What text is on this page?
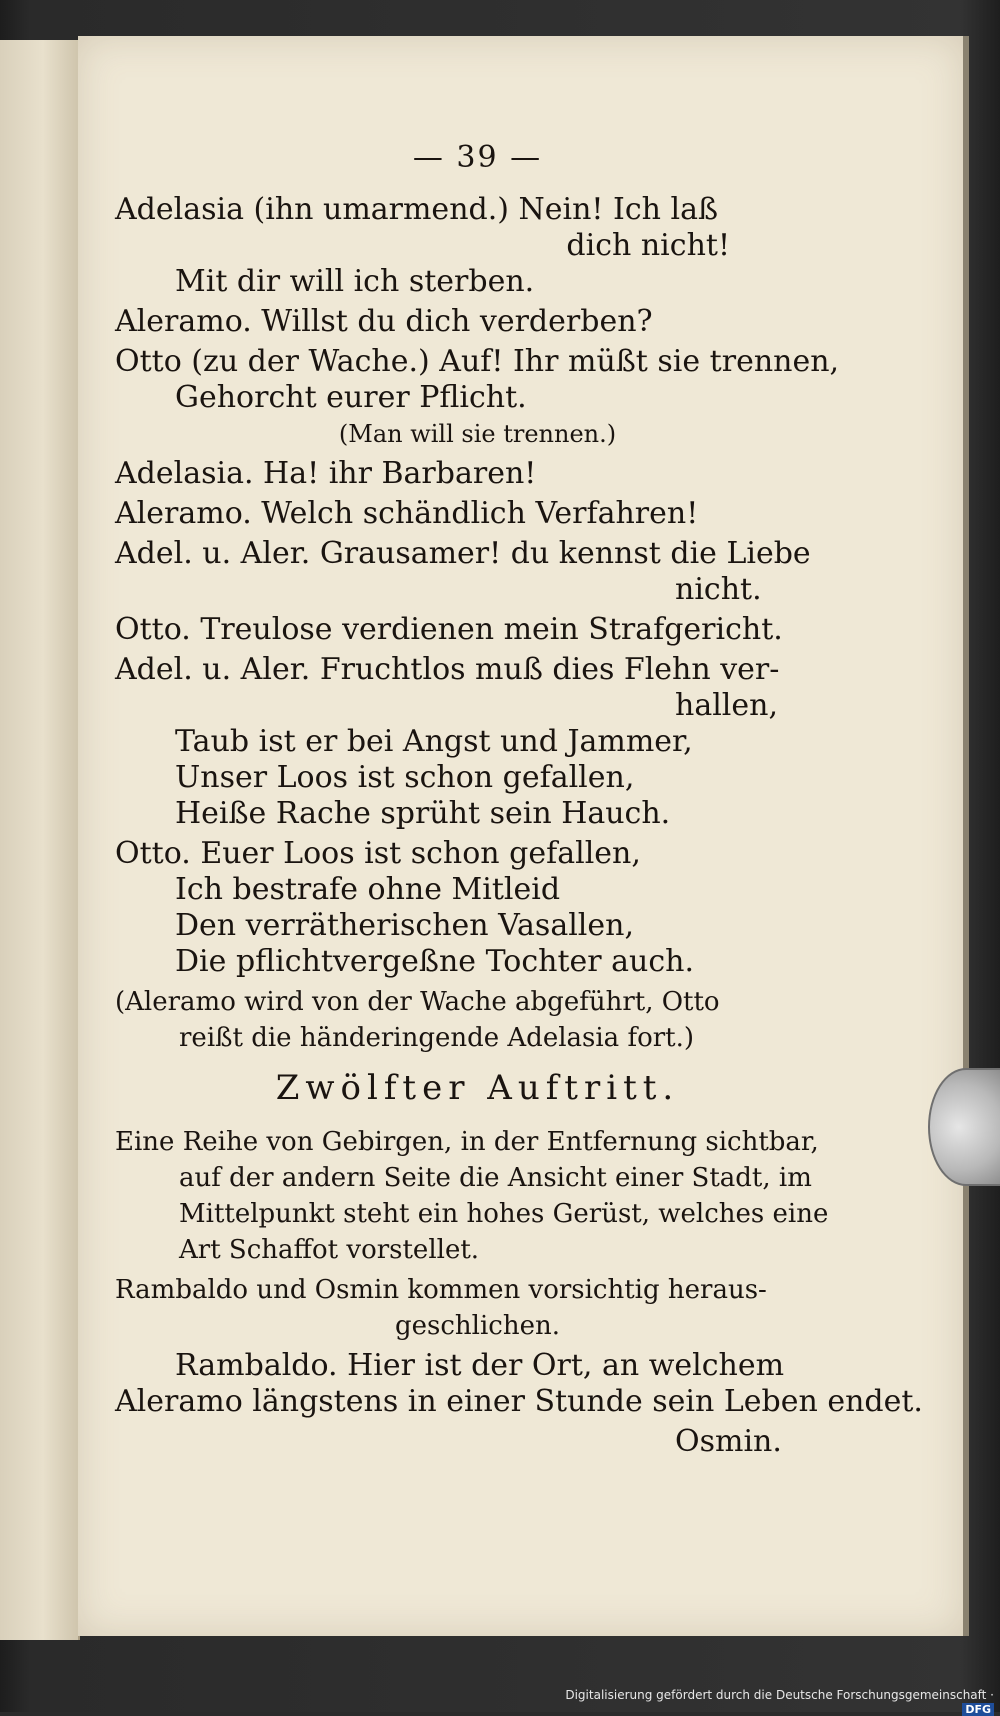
— 39 —
Adelasia (ihn umarmend.) Nein! Ich laß
dich nicht!
Mit dir will ich sterben.
Aleramo. Willst du dich verderben?
Otto (zu der Wache.) Auf! Ihr müßt sie trennen,
Gehorcht eurer Pflicht.
(Man will sie trennen.)
Adelasia. Ha! ihr Barbaren!
Aleramo. Welch schändlich Verfahren!
Adel. u. Aler. Grausamer! du kennst die Liebe
nicht.
Otto. Treulose verdienen mein Strafgericht.
Adel. u. Aler. Fruchtlos muß dies Flehn ver-
hallen,
Taub ist er bei Angst und Jammer,
Unser Loos ist schon gefallen,
Heiße Rache sprüht sein Hauch.
Otto. Euer Loos ist schon gefallen,
Ich bestrafe ohne Mitleid
Den verrätherischen Vasallen,
Die pflichtvergeßne Tochter auch.
(Aleramo wird von der Wache abgeführt, Otto
reißt die händeringende Adelasia fort.)
Zwölfter Auftritt.
Eine Reihe von Gebirgen, in der Entfernung sichtbar,
auf der andern Seite die Ansicht einer Stadt, im
Mittelpunkt steht ein hohes Gerüst, welches eine
Art Schaffot vorstellet.
Rambaldo und Osmin kommen vorsichtig heraus-
geschlichen.
Rambaldo. Hier ist der Ort, an welchem
Aleramo längstens in einer Stunde sein Leben endet.
Osmin.
Digitalisierung gefördert durch die Deutsche Forschungsgemeinschaft ·DFG
